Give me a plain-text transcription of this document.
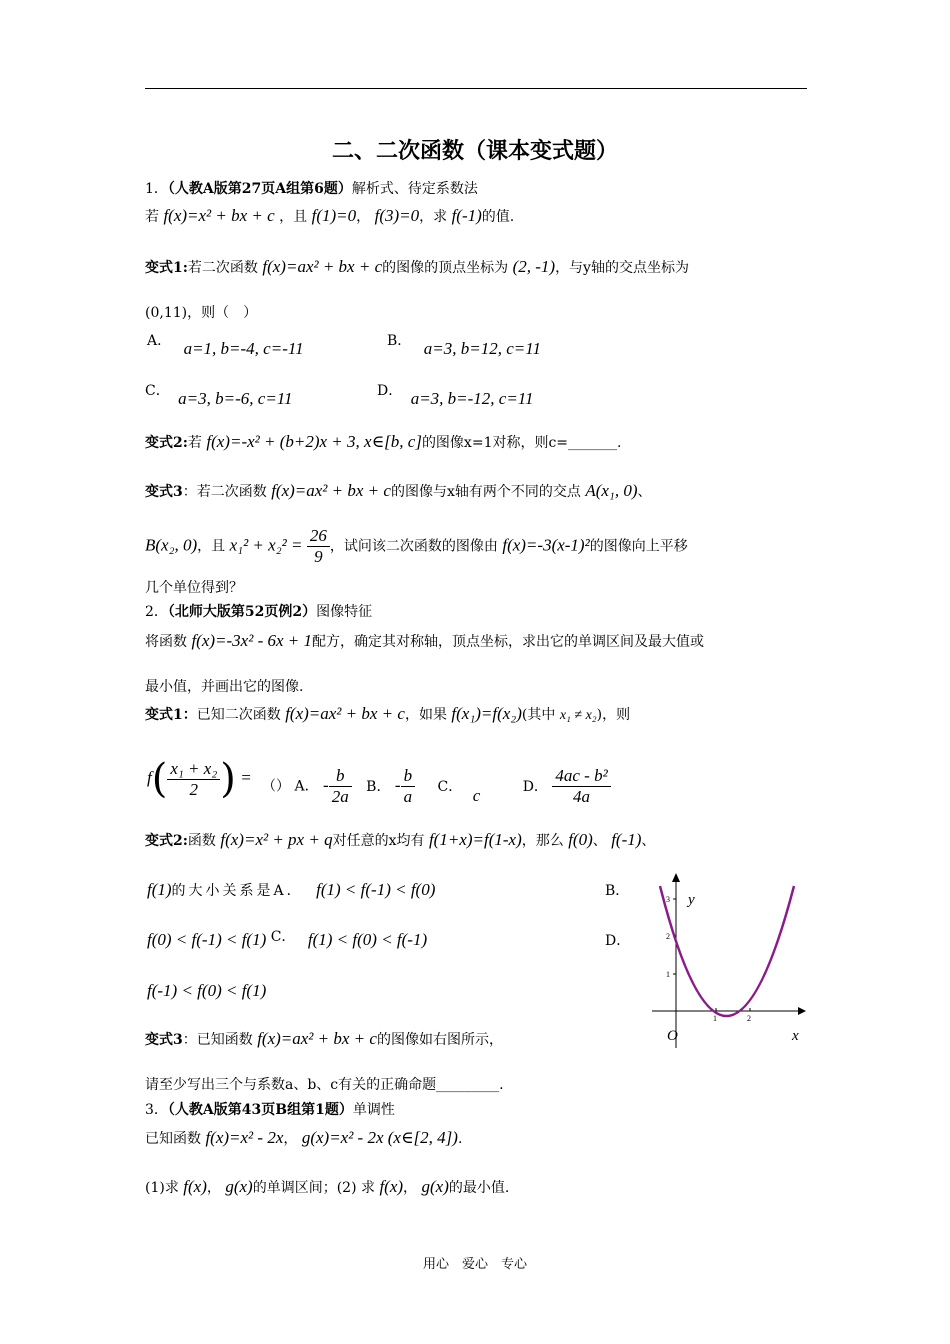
二、二次函数（课本变式题）
1．（人教A版第27页A组第6题）解析式、待定系数法
若 f(x)=x² + bx + c ，且 f(1)=0， f(3)=0，求 f(-1)的值.
变式1:若二次函数 f(x)=ax² + bx + c的图像的顶点坐标为 (2, -1)，与y轴的交点坐标为
(0,11)，则（　）
A． a=1, b=-4, c=-11	B． a=3, b=12, c=11
C． a=3, b=-6, c=11	D． a=3, b=-12, c=11
变式2:若 f(x)=-x² + (b+2)x + 3, x∈[b, c]的图像x=1对称，则c=_______.
变式3：若二次函数 f(x)=ax² + bx + c的图像与x轴有两个不同的交点 A(x₁, 0)、
B(x₂, 0)，且 $x_1^2 + x_2^2 = \frac{26}{9}$ ，试问该二次函数的图像由 f(x)=-3(x-1)²的图像向上平移
几个单位得到？
2．（北师大版第52页例2）图像特征
将函数 f(x)=-3x² - 6x + 1配方，确定其对称轴，顶点坐标，求出它的单调区间及最大值或
最小值，并画出它的图像.
变式1：已知二次函数 f(x)=ax² + bx + c，如果 f(x₁)=f(x₂)(其中 x₁ ≠ x₂)，则
$f( \frac{\text{x₁ + x₂}}{2}$ ) = （） A． - $\frac{b}{2a}$ B． - $\frac{b}{a}$ C． c	D． $\frac{\text{4ac - b²}}{4a}$
变式2:函数 f(x)=x² + px + q对任意的x均有 f(1+x)=f(1-x)，那么 f(0)、 f(-1)、
f(1)的大小关系是A． f(1) < f(-1) < f(0)	B．
f(0) < f(-1) < f(1) C． f(1) < f(0) < f(-1)	D．
f(-1) < f(0) < f(1)
3
2
1
1	2
y
x
O
变式3：已知函数 f(x)=ax² + bx + c的图像如右图所示，
请至少写出三个与系数a、b、c有关的正确命题_________.
3．（人教A版第43页B组第1题）单调性
已知函数 f(x)=x² - 2x， g(x)=x² - 2x (x∈[2, 4]).
(1)求 f(x)， g(x)的单调区间；(2) 求 f(x)， g(x)的最小值.
用心　爱心　专心
